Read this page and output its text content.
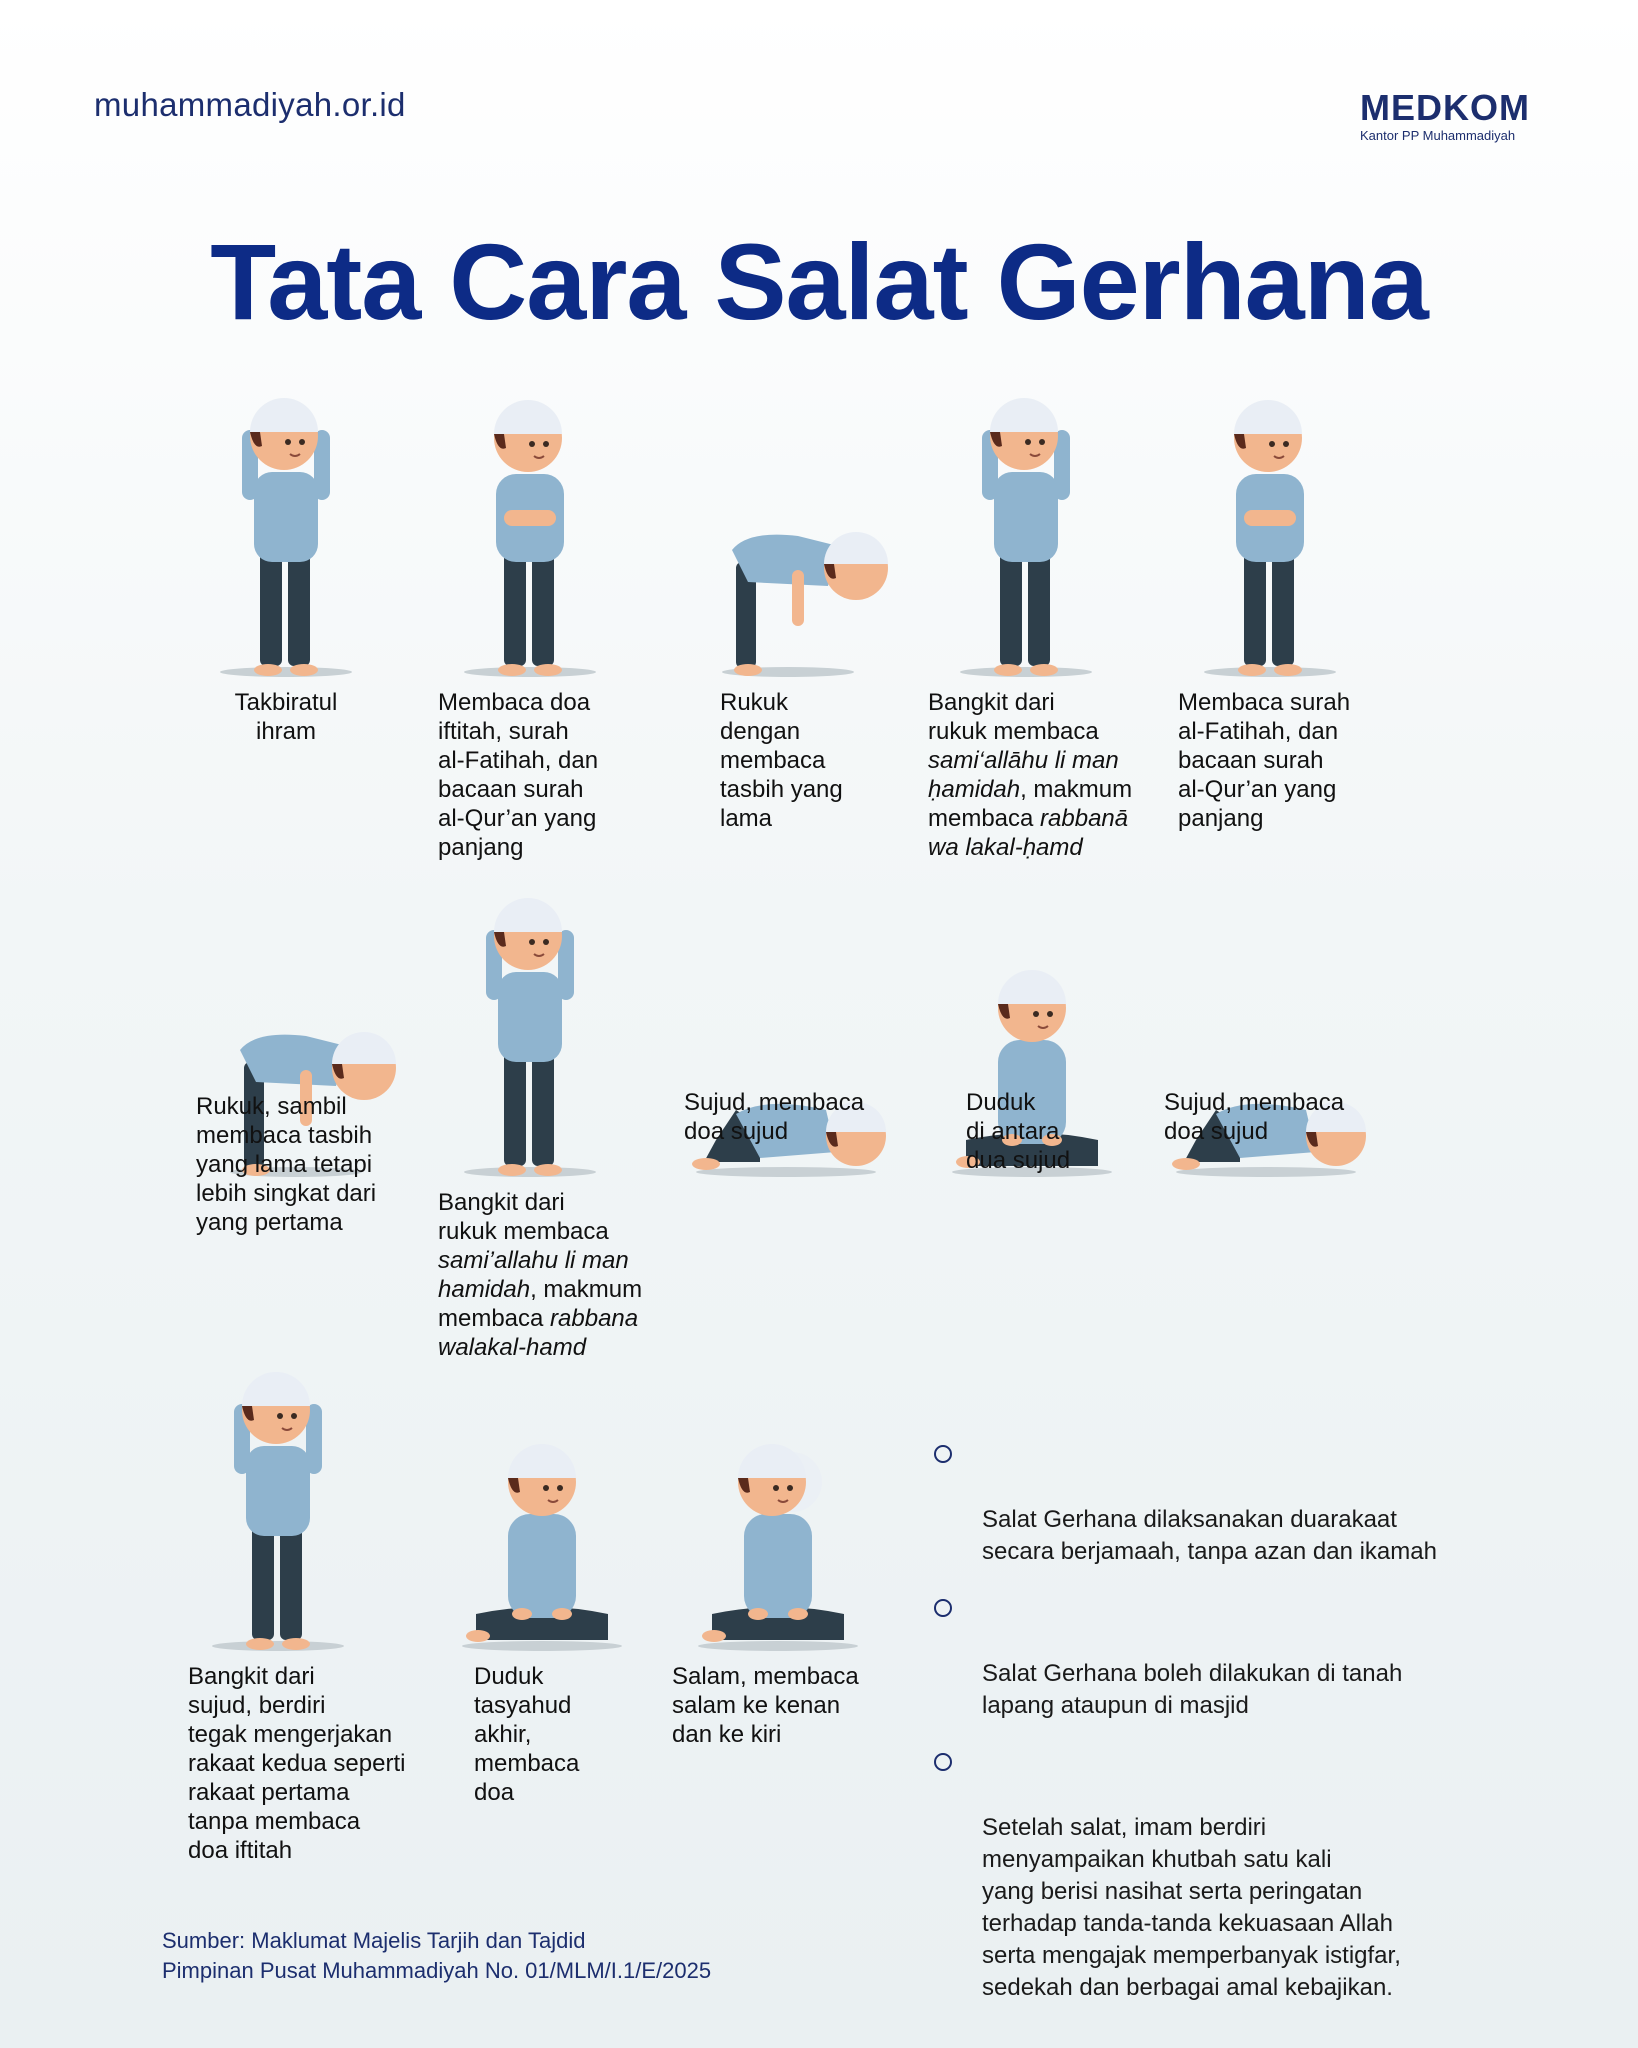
muhammadiyah.or.id	MEDKOM
Kantor PP Muhammadiyah
Tata Cara Salat Gerhana
Takbiratul
ihram
Membaca doa
iftitah, surah
al-Fatihah, dan
bacaan surah
al-Qur’an yang
panjang
Rukuk
dengan
membaca
tasbih yang
lama
Bangkit dari
rukuk membaca
sami‘allāhu li man
ḥamidah, makmum
membaca rabbanā
wa lakal-ḥamd
Membaca surah
al-Fatihah, dan
bacaan surah
al-Qur’an yang
panjang
Rukuk, sambil
membaca tasbih
yang lama tetapi
lebih singkat dari
yang pertama
Bangkit dari
rukuk membaca
sami’allahu li man
hamidah, makmum
membaca rabbana
walakal-hamd
Sujud, membaca
doa sujud
Duduk
di antara
dua sujud
Sujud, membaca
doa sujud
Bangkit dari
sujud, berdiri
tegak mengerjakan
rakaat kedua seperti
rakaat pertama
tanpa membaca
doa iftitah
Duduk
tasyahud
akhir,
membaca
doa
Salam, membaca
salam ke kenan
dan ke kiri

Salat Gerhana dilaksanakan duarakaat
secara berjamaah, tanpa azan dan ikamah

Salat Gerhana boleh dilakukan di tanah
lapang ataupun di masjid

Setelah salat, imam berdiri
menyampaikan khutbah satu kali
yang berisi nasihat serta peringatan
terhadap tanda-tanda kekuasaan Allah
serta mengajak memperbanyak istigfar,
sedekah dan berbagai amal kebajikan.

Sumber: Maklumat Majelis Tarjih dan Tajdid
Pimpinan Pusat Muhammadiyah No. 01/MLM/I.1/E/2025
